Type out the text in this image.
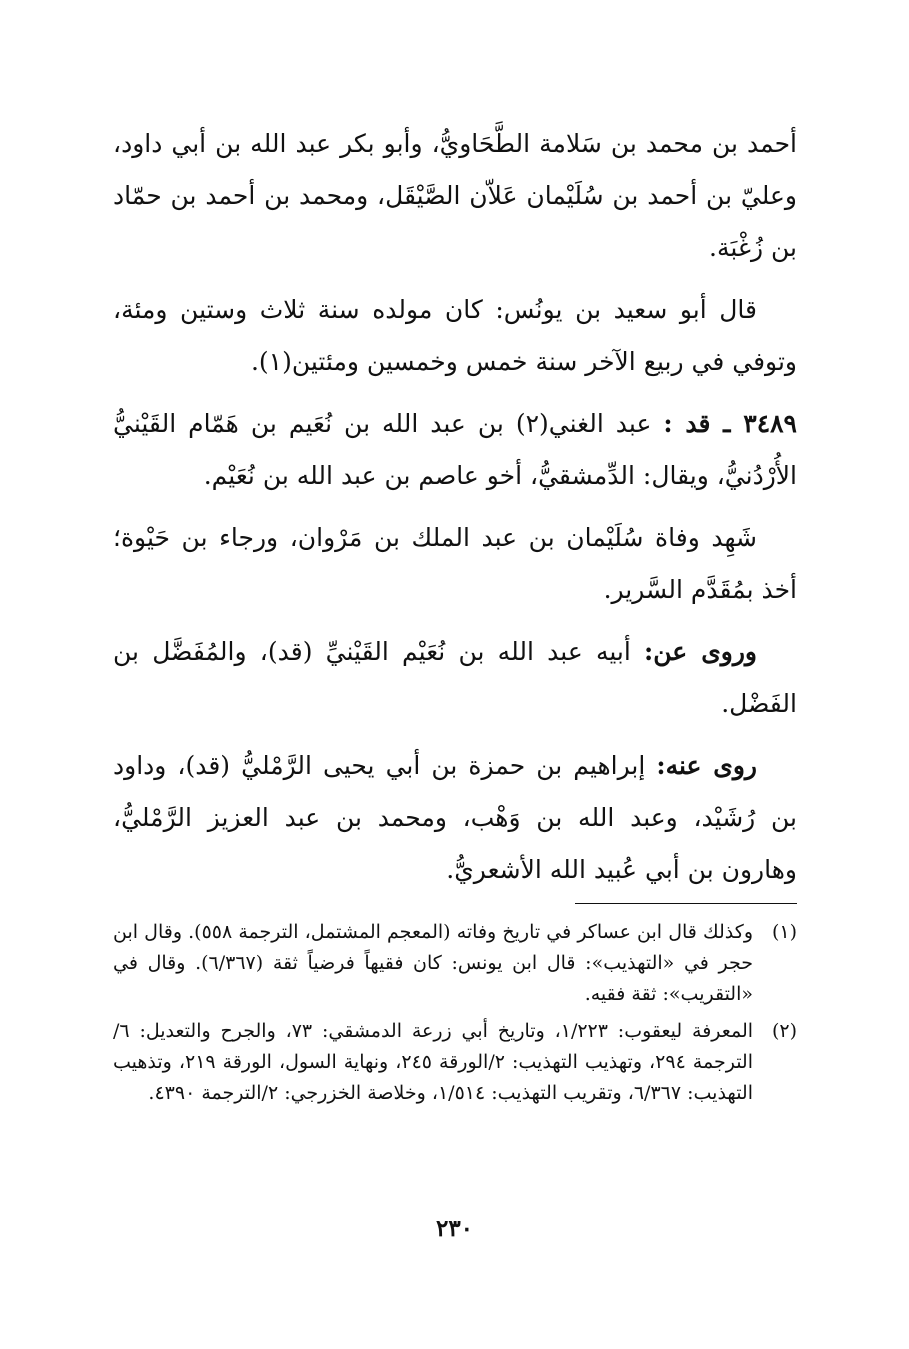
أحمد بن محمد بن سَلامة الطَّحَاويُّ، وأبو بكر عبد الله بن أبي داود، وعليّ بن أحمد بن سُلَيْمان عَلاّن الصَّيْقَل، ومحمد بن أحمد بن حمّاد بن زُغْبَة.

قال أبو سعيد بن يونُس: كان مولده سنة ثلاث وستين ومئة، وتوفي في ربيع الآخر سنة خمس وخمسين ومئتين(١).

٣٤٨٩ ـ قد : عبد الغني(٢) بن عبد الله بن نُعَيم بن هَمّام القَيْنيُّ الأُرْدُنيُّ، ويقال: الدِّمشقيُّ، أخو عاصم بن عبد الله بن نُعَيْم.

شَهِد وفاة سُلَيْمان بن عبد الملك بن مَرْوان، ورجاء بن حَيْوة؛ أخذ بمُقَدَّم السَّرير.

وروى عن: أبيه عبد الله بن نُعَيْم القَيْنيِّ (قد)، والمُفَضَّل بن الفَضْل.

روى عنه: إبراهيم بن حمزة بن أبي يحيى الرَّمْليُّ (قد)، وداود بن رُشَيْد، وعبد الله بن وَهْب، ومحمد بن عبد العزيز الرَّمْليُّ، وهارون بن أبي عُبيد الله الأشعريُّ.

(١)
وكذلك قال ابن عساكر في تاريخ وفاته (المعجم المشتمل، الترجمة ٥٥٨). وقال ابن حجر في «التهذيب»: قال ابن يونس: كان فقيهاً فرضياً ثقة (٦/٣٦٧). وقال في «التقريب»: ثقة فقيه.
(٢)
المعرفة ليعقوب: ١/٢٢٣، وتاريخ أبي زرعة الدمشقي: ٧٣، والجرح والتعديل: ٦/الترجمة ٢٩٤، وتهذيب التهذيب: ٢/الورقة ٢٤٥، ونهاية السول، الورقة ٢١٩، وتذهيب التهذيب: ٦/٣٦٧، وتقريب التهذيب: ١/٥١٤، وخلاصة الخزرجي: ٢/الترجمة ٤٣٩٠.
٢٣٠
